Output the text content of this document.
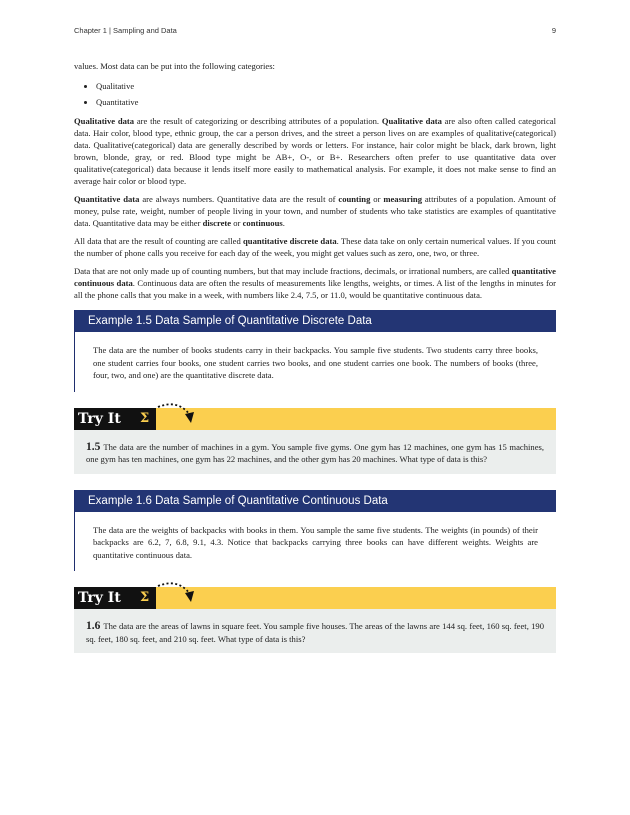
Chapter 1 | Sampling and Data	9

values. Most data can be put into the following categories:

• Qualitative
• Quantitative

Qualitative data are the result of categorizing or describing attributes of a population. Qualitative data are also often called categorical data. Hair color, blood type, ethnic group, the car a person drives, and the street a person lives on are examples of qualitative(categorical) data. Qualitative(categorical) data are generally described by words or letters. For instance, hair color might be black, dark brown, light brown, blonde, gray, or red. Blood type might be AB+, O-, or B+. Researchers often prefer to use quantitative data over qualitative(categorical) data because it lends itself more easily to mathematical analysis. For example, it does not make sense to find an average hair color or blood type.

Quantitative data are always numbers. Quantitative data are the result of counting or measuring attributes of a population. Amount of money, pulse rate, weight, number of people living in your town, and number of students who take statistics are examples of quantitative data. Quantitative data may be either discrete or continuous.

All data that are the result of counting are called quantitative discrete data. These data take on only certain numerical values. If you count the number of phone calls you receive for each day of the week, you might get values such as zero, one, two, or three.

Data that are not only made up of counting numbers, but that may include fractions, decimals, or irrational numbers, are called quantitative continuous data. Continuous data are often the results of measurements like lengths, weights, or times. A list of the lengths in minutes for all the phone calls that you make in a week, with numbers like 2.4, 7.5, or 11.0, would be quantitative continuous data.

Example 1.5 Data Sample of Quantitative Discrete Data

The data are the number of books students carry in their backpacks. You sample five students. Two students carry three books, one student carries four books, one student carries two books, and one student carries one book. The numbers of books (three, four, two, and one) are the quantitative discrete data.

Try It Σ

1.5 The data are the number of machines in a gym. You sample five gyms. One gym has 12 machines, one gym has 15 machines, one gym has ten machines, one gym has 22 machines, and the other gym has 20 machines. What type of data is this?

Example 1.6 Data Sample of Quantitative Continuous Data

The data are the weights of backpacks with books in them. You sample the same five students. The weights (in pounds) of their backpacks are 6.2, 7, 6.8, 9.1, 4.3. Notice that backpacks carrying three books can have different weights. Weights are quantitative continuous data.

Try It Σ

1.6 The data are the areas of lawns in square feet. You sample five houses. The areas of the lawns are 144 sq. feet, 160 sq. feet, 190 sq. feet, 180 sq. feet, and 210 sq. feet. What type of data is this?
